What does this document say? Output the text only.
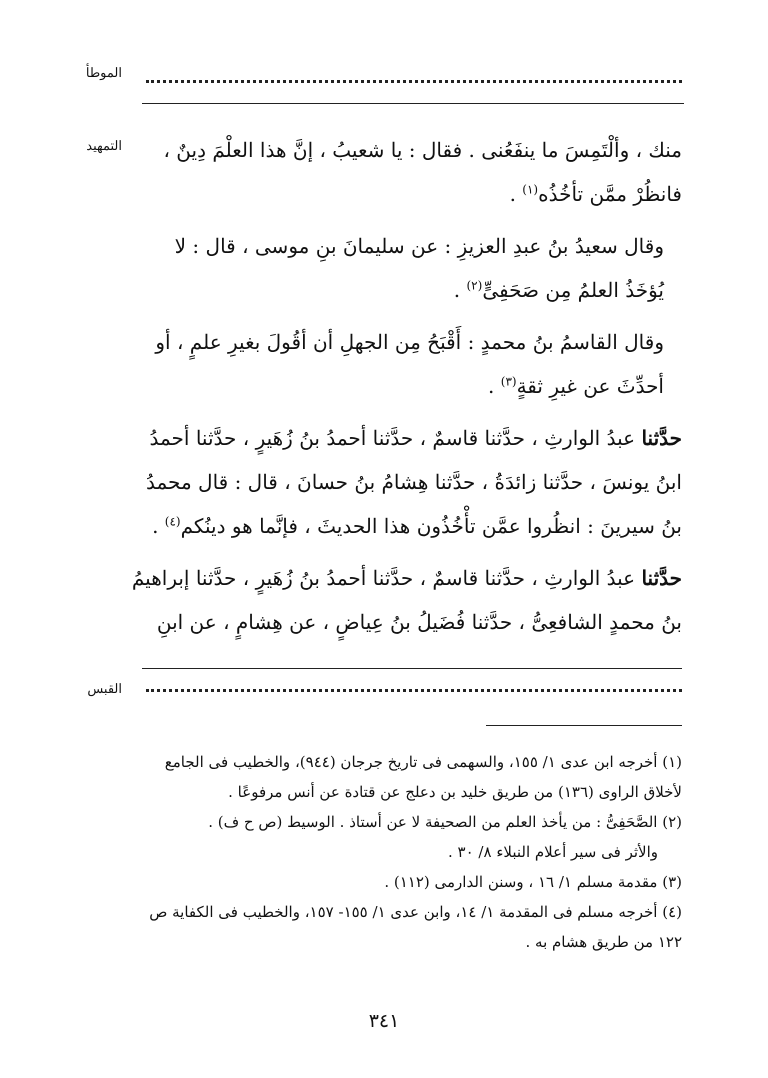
الموطأ
التمهيد	منك ، وألْتَمِسَ ما ينفَعُنى . فقال : يا شعيبُ ، إنَّ هذا العلْمَ دِينٌ ، فانظُرْ ممَّن تأخُذُه$^{(١)}$ .

وقال سعيدُ بنُ عبدِ العزيزِ : عن سليمانَ بنِ موسى ، قال : لا يُؤخَذُ العلمُ مِن صَحَفِىٍّ$^{(٢)}$ .

وقال القاسمُ بنُ محمدٍ : أَقْبَحُ مِن الجهلِ أن أقُولَ بغيرِ علمٍ ، أو أحدِّثَ عن غيرِ ثقةٍ$^{(٣)}$ .

حدَّثنا عبدُ الوارثِ ، حدَّثنا قاسمٌ ، حدَّثنا أحمدُ بنُ زُهَيرٍ ، حدَّثنا أحمدُ ابنُ يونسَ ، حدَّثنا زائدَةُ ، حدَّثنا هِشامُ بنُ حسانَ ، قال : قال محمدُ بنُ سيرينَ : انظُروا عمَّن تأْخُذُون هذا الحديثَ ، فإنَّما هو دينُكم$^{(٤)}$ .

حدَّثنا عبدُ الوارثِ ، حدَّثنا قاسمٌ ، حدَّثنا أحمدُ بنُ زُهَيرٍ ، حدَّثنا إبراهيمُ بنُ محمدٍ الشافعِىُّ ، حدَّثنا فُضَيلُ بنُ عِياضٍ ، عن هِشامٍ ، عن ابنِ

القبس

(١) أخرجه ابن عدى ١/ ١٥٥، والسهمى فى تاريخ جرجان (٩٤٤)، والخطيب فى الجامع لأخلاق الراوى (١٣٦) من طريق خليد بن دعلج عن قتادة عن أنس مرفوعًا .

(٢) الصَّحَفِىُّ : من يأخذ العلم من الصحيفة لا عن أستاذ . الوسيط (ص ح ف) .

والأثر فى سير أعلام النبلاء ٨/ ٣٠ .

(٣) مقدمة مسلم ١/ ١٦ ، وسنن الدارمى (١١٢) .

(٤) أخرجه مسلم فى المقدمة ١/ ١٤، وابن عدى ١/ ١٥٥- ١٥٧، والخطيب فى الكفاية ص ١٢٢ من طريق هشام به .

٣٤١
